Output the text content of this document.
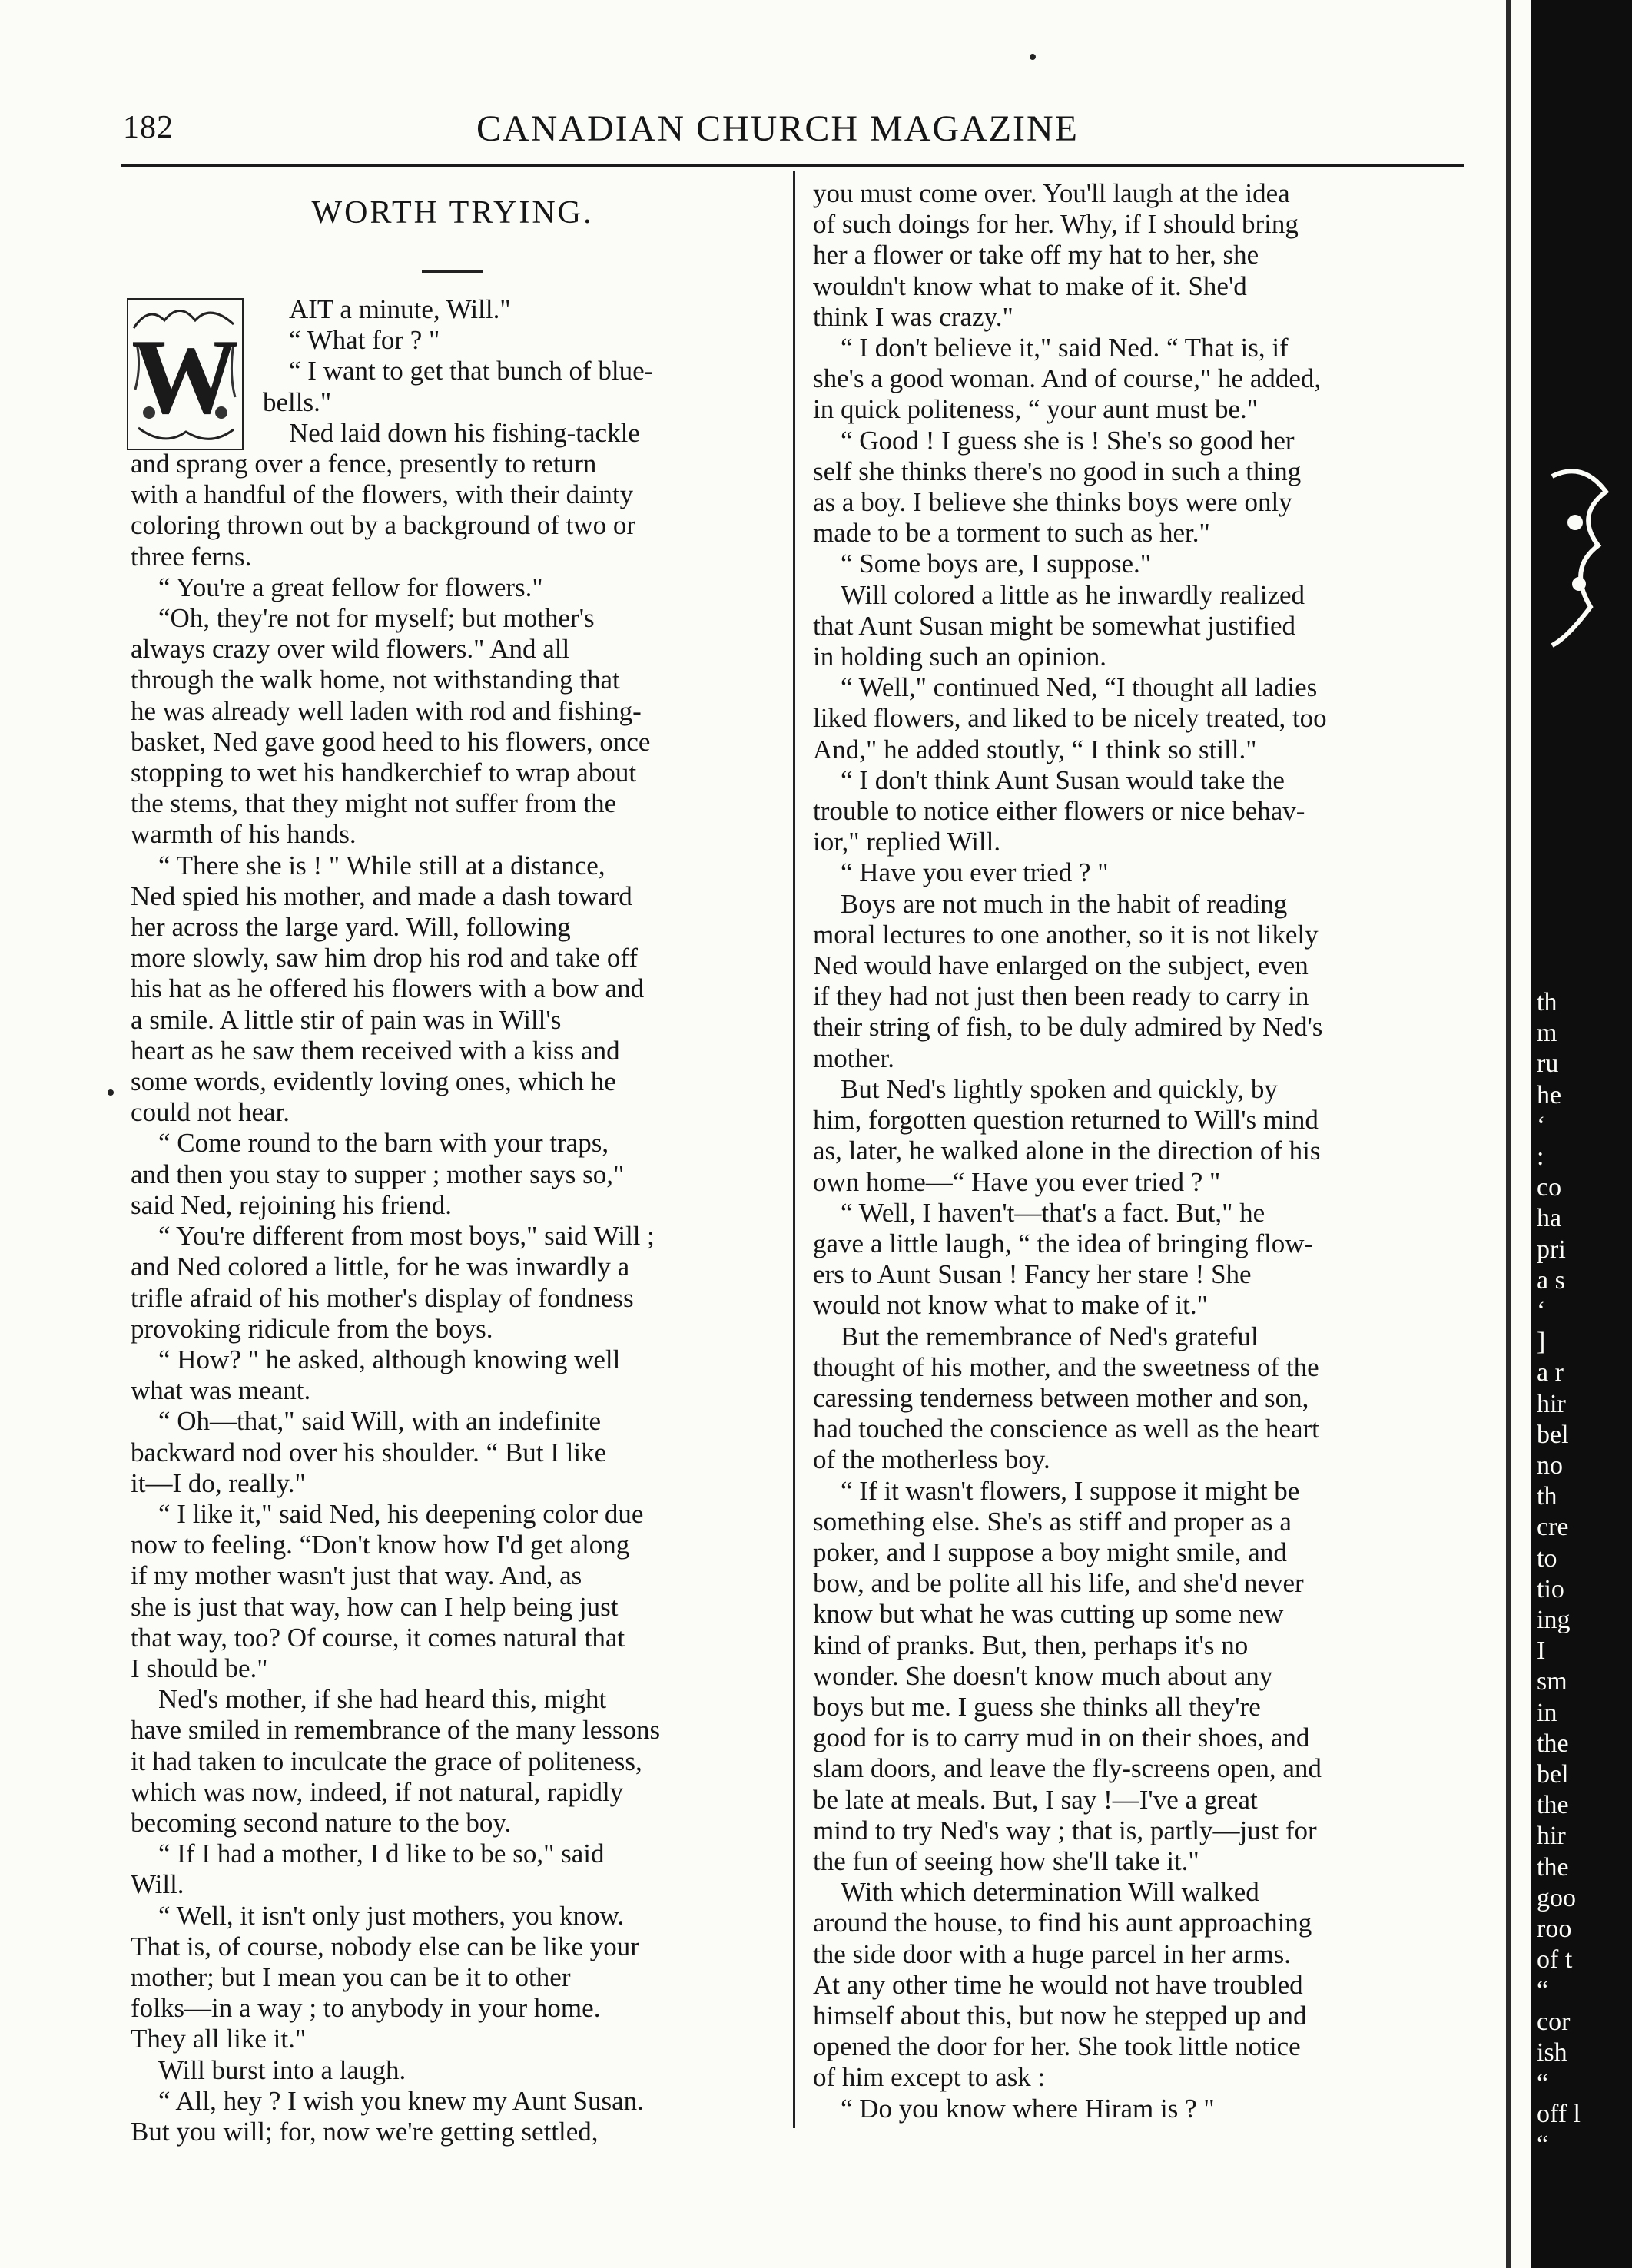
182	CANADIAN CHURCH MAGAZINE
WORTH TRYING.
W

AIT a minute, Will."

“ What for ? "

“ I want to get that bunch of blue-
bells."

Ned laid down his fishing-tackle
and sprang over a fence, presently to return
with a handful of the flowers, with their dainty
coloring thrown out by a background of two or
three ferns.

“ You're a great fellow for flowers."

“Oh, they're not for myself; but mother's
always crazy over wild flowers." And all
through the walk home, not withstanding that
he was already well laden with rod and fishing-
basket, Ned gave good heed to his flowers, once
stopping to wet his handkerchief to wrap about
the stems, that they might not suffer from the
warmth of his hands.

“ There she is ! " While still at a distance,
Ned spied his mother, and made a dash toward
her across the large yard. Will, following
more slowly, saw him drop his rod and take off
his hat as he offered his flowers with a bow and
a smile. A little stir of pain was in Will's
heart as he saw them received with a kiss and
some words, evidently loving ones, which he
could not hear.

“ Come round to the barn with your traps,
and then you stay to supper ; mother says so,"
said Ned, rejoining his friend.

“ You're different from most boys," said Will ;
and Ned colored a little, for he was inwardly a
trifle afraid of his mother's display of fondness
provoking ridicule from the boys.

“ How? " he asked, although knowing well
what was meant.

“ Oh—that," said Will, with an indefinite
backward nod over his shoulder. “ But I like
it—I do, really."

“ I like it," said Ned, his deepening color due
now to feeling. “Don't know how I'd get along
if my mother wasn't just that way. And, as
she is just that way, how can I help being just
that way, too? Of course, it comes natural that
I should be."

Ned's mother, if she had heard this, might
have smiled in remembrance of the many lessons
it had taken to inculcate the grace of politeness,
which was now, indeed, if not natural, rapidly
becoming second nature to the boy.

“ If I had a mother, I d like to be so," said
Will.

“ Well, it isn't only just mothers, you know.
That is, of course, nobody else can be like your
mother; but I mean you can be it to other
folks—in a way ; to anybody in your home.
They all like it."

Will burst into a laugh.

“ All, hey ? I wish you knew my Aunt Susan.
But you will; for, now we're getting settled,

you must come over. You'll laugh at the idea
of such doings for her. Why, if I should bring
her a flower or take off my hat to her, she
wouldn't know what to make of it. She'd
think I was crazy."

“ I don't believe it," said Ned. “ That is, if
she's a good woman. And of course," he added,
in quick politeness, “ your aunt must be."

“ Good ! I guess she is ! She's so good her
self she thinks there's no good in such a thing
as a boy. I believe she thinks boys were only
made to be a torment to such as her."

“ Some boys are, I suppose."

Will colored a little as he inwardly realized
that Aunt Susan might be somewhat justified
in holding such an opinion.

“ Well," continued Ned, “I thought all ladies
liked flowers, and liked to be nicely treated, too
And," he added stoutly, “ I think so still."

“ I don't think Aunt Susan would take the
trouble to notice either flowers or nice behav-
ior," replied Will.

“ Have you ever tried ? "

Boys are not much in the habit of reading
moral lectures to one another, so it is not likely
Ned would have enlarged on the subject, even
if they had not just then been ready to carry in
their string of fish, to be duly admired by Ned's
mother.

But Ned's lightly spoken and quickly, by
him, forgotten question returned to Will's mind
as, later, he walked alone in the direction of his
own home—“ Have you ever tried ? "

“ Well, I haven't—that's a fact. But," he
gave a little laugh, “ the idea of bringing flow-
ers to Aunt Susan ! Fancy her stare ! She
would not know what to make of it."

But the remembrance of Ned's grateful
thought of his mother, and the sweetness of the
caressing tenderness between mother and son,
had touched the conscience as well as the heart
of the motherless boy.

“ If it wasn't flowers, I suppose it might be
something else. She's as stiff and proper as a
poker, and I suppose a boy might smile, and
bow, and be polite all his life, and she'd never
know but what he was cutting up some new
kind of pranks. But, then, perhaps it's no
wonder. She doesn't know much about any
boys but me. I guess she thinks all they're
good for is to carry mud in on their shoes, and
slam doors, and leave the fly-screens open, and
be late at meals. But, I say !—I've a great
mind to try Ned's way ; that is, partly—just for
the fun of seeing how she'll take it."

With which determination Will walked
around the house, to find his aunt approaching
the side door with a huge parcel in her arms.
At any other time he would not have troubled
himself about this, but now he stepped up and
opened the door for her. She took little notice
of him except to ask :

“ Do you know where Hiram is ? "

th
m
ru
he
‘
:
co
ha
pri
a s
‘
]
a r
hir
bel
no
th
cre
to
tio
ing
I
sm
in
the
bel
the
hir
the
goo
roo
of t
“
cor
ish
“
off l
“
